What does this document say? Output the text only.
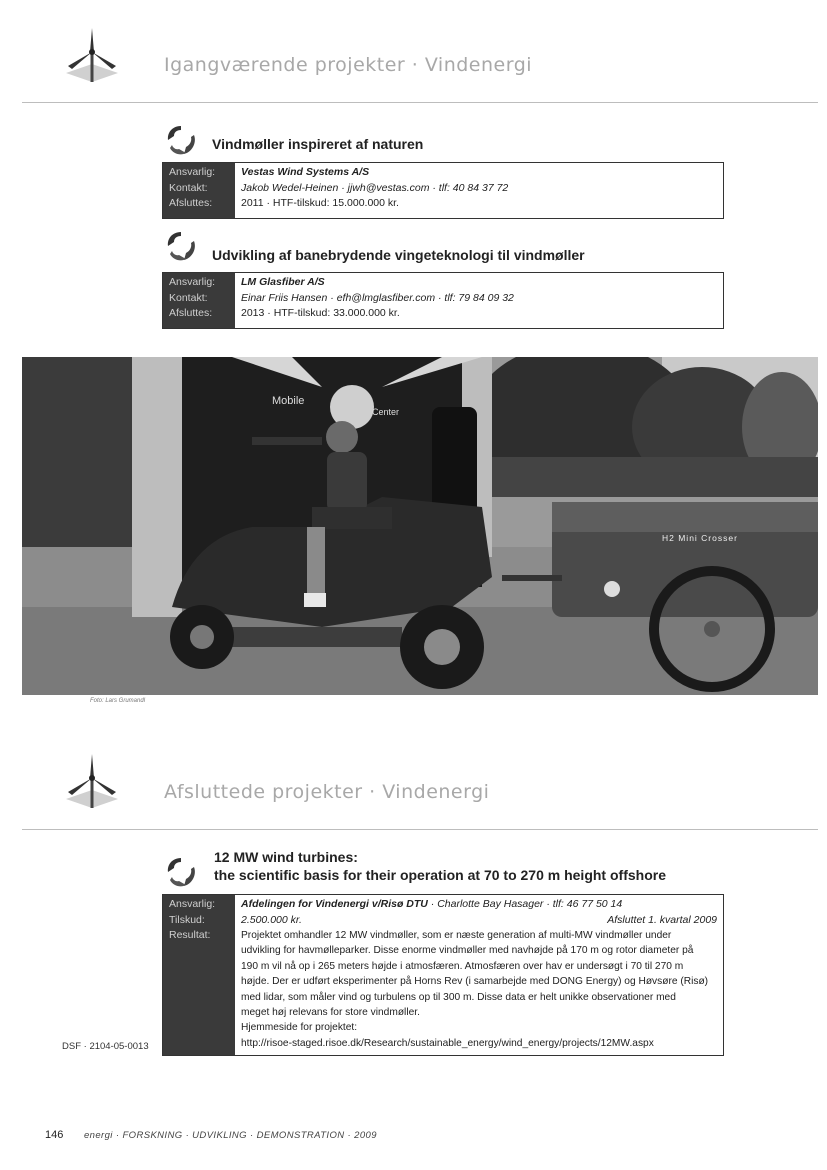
Igangværende projekter · Vindenergi
Vindmøller inspireret af naturen
Ansvarlig:
Kontakt:
Afsluttes:
Vestas Wind Systems A/S
Jakob Wedel-Heinen · jjwh@vestas.com · tlf: 40 84 37 72
2011 · HTF-tilskud: 15.000.000 kr.
Udvikling af banebrydende vingeteknologi til vindmøller
Ansvarlig:
Kontakt:
Afsluttes:
LM Glasfiber A/S
Einar Friis Hansen · efh@lmglasfiber.com · tlf: 79 84 09 32
2013 · HTF-tilskud: 33.000.000 kr.
Mobile
Center
H2 Mini Crosser
Foto: Lars Grumandl
Afsluttede projekter · Vindenergi
12 MW wind turbines:
the scientific basis for their operation at 70 to 270 m height offshore
Ansvarlig:
Tilskud:
Resultat:
Afdelingen for Vindenergi v/Risø DTU · Charlotte Bay Hasager · tlf: 46 77 50 14
2.500.000 kr.	Afsluttet 1. kvartal 2009
Projektet omhandler 12 MW vindmøller, som er næste generation af multi-MW vindmøller under
udvikling for havmølleparker. Disse enorme vindmøller med navhøjde på 170 m og rotor diameter på
190 m vil nå op i 265 meters højde i atmosfæren. Atmosfæren over hav er undersøgt i 70 til 270 m
højde. Der er udført eksperimenter på Horns Rev (i samarbejde med DONG Energy) og Høvsøre (Risø)
med lidar, som måler vind og turbulens op til 300 m. Disse data er helt unikke observationer med
meget høj relevans for store vindmøller.
Hjemmeside for projektet:
http://risoe-staged.risoe.dk/Research/sustainable_energy/wind_energy/projects/12MW.aspx
DSF · 2104-05-0013
146 energi · FORSKNING · UDVIKLING · DEMONSTRATION · 2009
